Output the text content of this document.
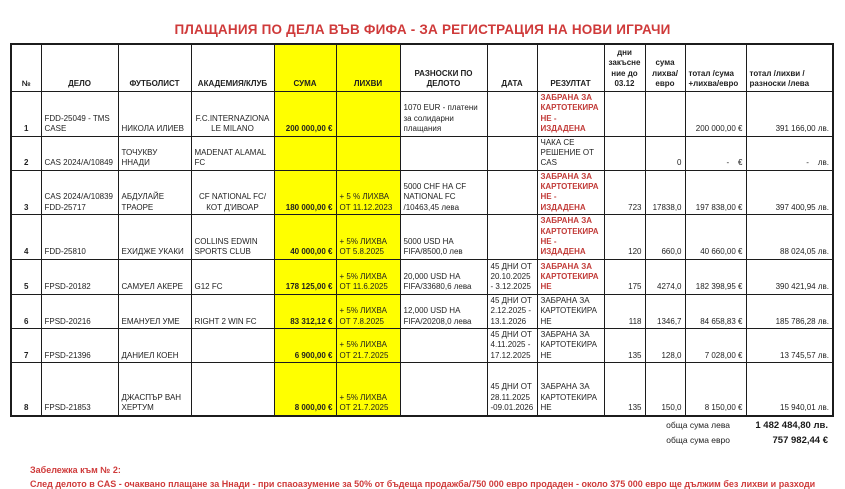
ПЛАЩАНИЯ ПО ДЕЛА ВЪВ ФИФА - ЗА РЕГИСТРАЦИЯ НА НОВИ ИГРАЧИ
№	ДЕЛО	ФУТБОЛИСТ	АКАДЕМИЯ/КЛУБ	СУМА	ЛИХВИ	РАЗНОСКИ ПО ДЕЛОТО	ДАТА	РЕЗУЛТАТ	дни закъснение до 03.12	сума лихва/евро	тотал /сума +лихва/евро	тотал /лихви /разноски /лева
1	FDD-25049 - TMS CASE	НИКОЛА ИЛИЕВ	F.C.INTERNAZIONALE MILANO	200 000,00 €		1070 EUR - платени за солидарни плащания		ЗАБРАНА ЗА КАРТОТЕКИРАНЕ - ИЗДАДЕНА			200 000,00 €	391 166,00 лв.
2	CAS 2024/A/10849	ТОЧУКВУ ННАДИ	MADENAT ALAMAL FC					ЧАКА СЕ РЕШЕНИЕ ОТ CAS		0	-    €	-    лв.
3	CAS 2024/A/10839 FDD-25717	АБДУЛАЙЕ ТРАОРЕ	CF NATIONAL FC/ КОТ Д'ИВОАР	180 000,00 €	+ 5 % ЛИХВА ОТ 11.12.2023	5000 CHF НА CF NATIONAL FC /10463,45 лева		ЗАБРАНА ЗА КАРТОТЕКИРАНЕ - ИЗДАДЕНА	723	17838,0	197 838,00 €	397 400,95 лв.
4	FDD-25810	ЕХИДЖЕ УКАКИ	COLLINS EDWIN SPORTS CLUB	40 000,00 €	+ 5% ЛИХВА ОТ 5.8.2025	5000 USD НА FIFA/8500,0 лев		ЗАБРАНА ЗА КАРТОТЕКИРАНЕ - ИЗДАДЕНА	120	660,0	40 660,00 €	88 024,05 лв.
5	FPSD-20182	САМУЕЛ АКЕРЕ	G12 FC	178 125,00 €	+ 5% ЛИХВА ОТ 11.6.2025	20,000 USD НА FIFA/33680,6 лева	45 ДНИ ОТ 20.10.2025 - 3.12.2025	ЗАБРАНА ЗА КАРТОТЕКИРАНЕ	175	4274,0	182 398,95 €	390 421,94 лв.
6	FPSD-20216	ЕМАНУЕЛ УМЕ	RIGHT 2 WIN FC	83 312,12 €	+ 5% ЛИХВА ОТ 7.8.2025	12,000 USD НА FIFA/20208,0 лева	45 ДНИ ОТ 2.12.2025 - 13.1.2026	ЗАБРАНА ЗА КАРТОТЕКИРАНЕ	118	1346,7	84 658,83 €	185 786,28 лв.
7	FPSD-21396	ДАНИЕЛ КОЕН		6 900,00 €	+ 5% ЛИХВА ОТ 21.7.2025		45 ДНИ ОТ 4.11.2025 - 17.12.2025	ЗАБРАНА ЗА КАРТОТЕКИРАНЕ	135	128,0	7 028,00 €	13 745,57 лв.
8	FPSD-21853	ДЖАСПЪР ВАН ХЕРТУМ		8 000,00 €	+ 5% ЛИХВА ОТ 21.7.2025		45 ДНИ ОТ 28.11.2025 -09.01.2026	ЗАБРАНА ЗА КАРТОТЕКИРАНЕ	135	150,0	8 150,00 €	15 940,01 лв.
обща сума лева	1 482 484,80 лв.
обща сума евро	757 982,44 €
Забележка към № 2:
След делото в CAS - очаквано плащане за Ннади - при спаоазумение за 50% от бъдеща продажба/750 000 евро продаден - около 375 000 евро ще дължим без лихви и разходи
